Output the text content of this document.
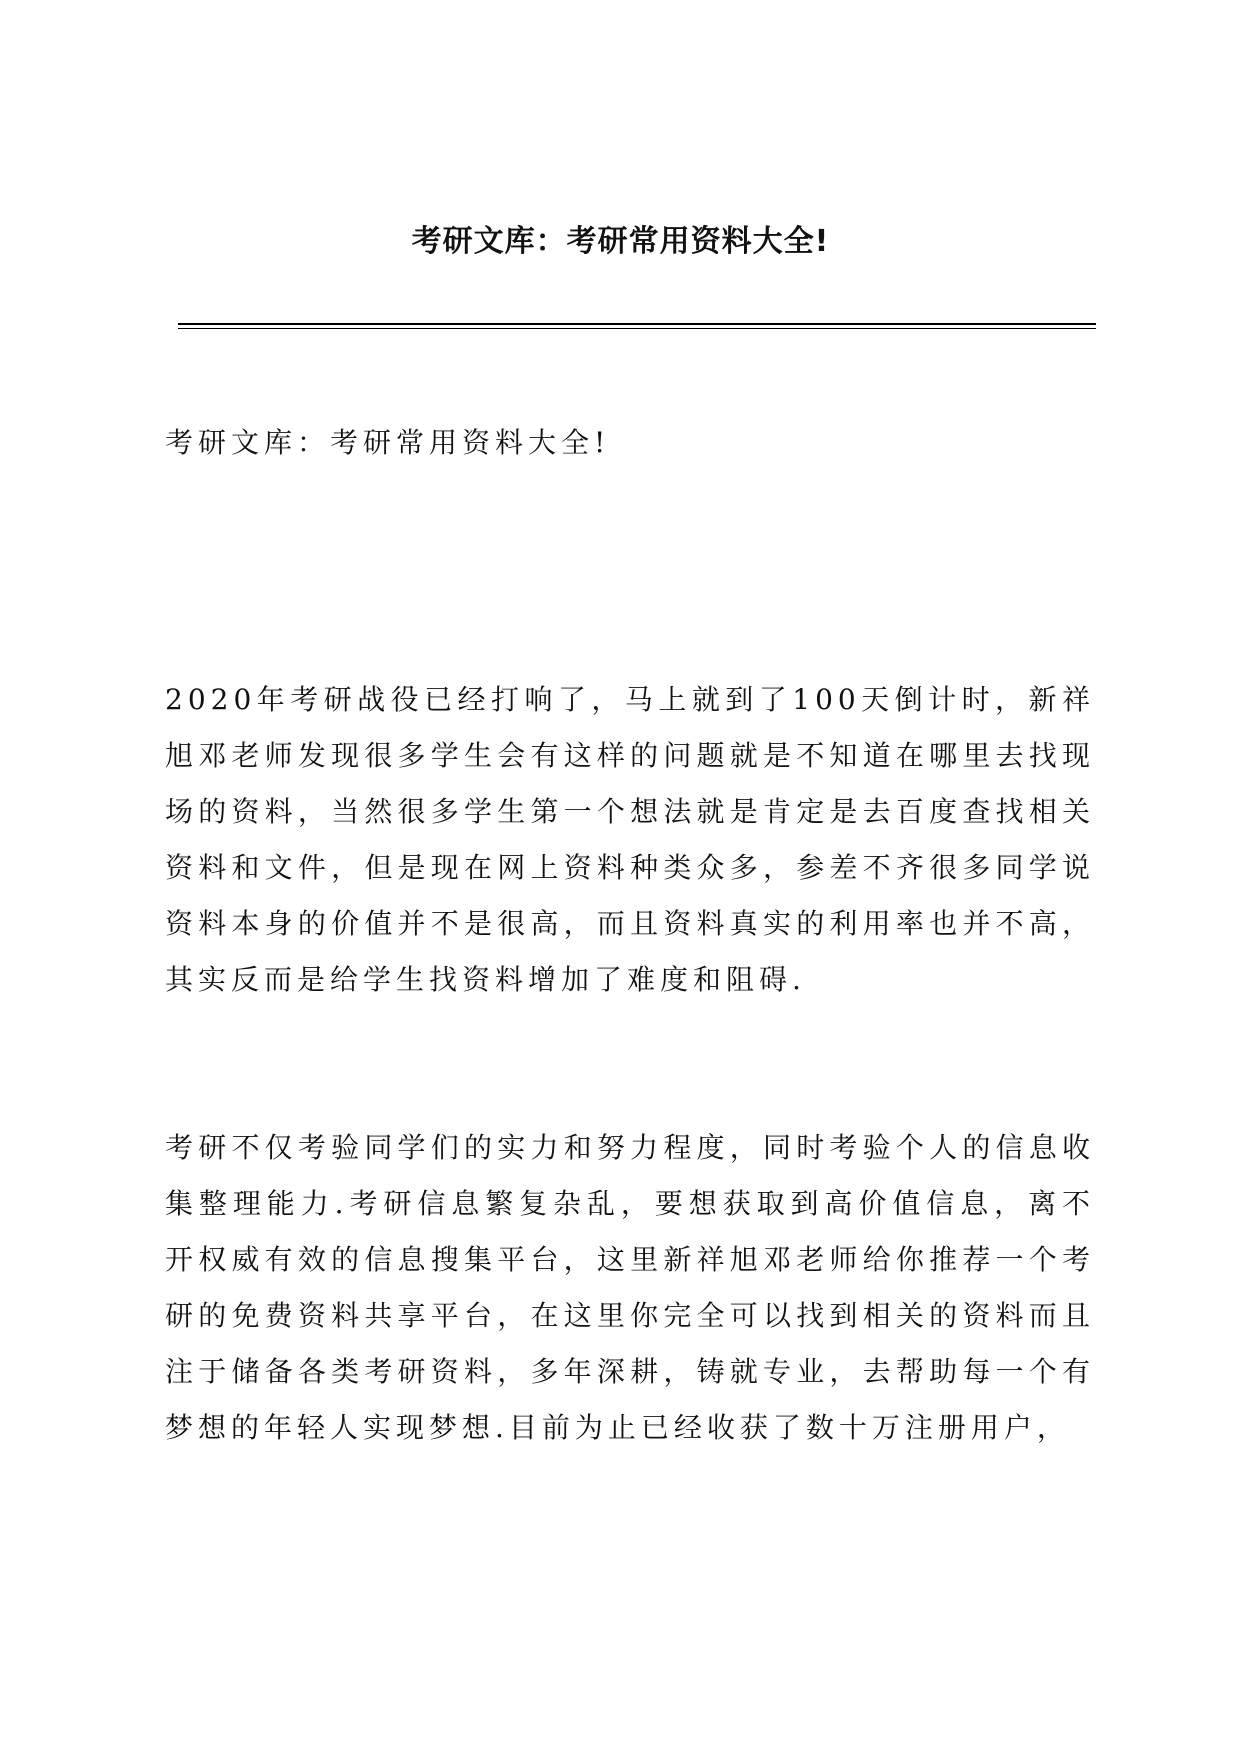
考研文库：考研常用资料大全!

考研文库：考研常用资料大全!

2020年考研战役已经打响了，马上就到了100天倒计时，新祥旭邓老师发现很多学生会有这样的问题就是不知道在哪里去找现场的资料，当然很多学生第一个想法就是肯定是去百度查找相关资料和文件，但是现在网上资料种类众多，参差不齐很多同学说资料本身的价值并不是很高，而且资料真实的利用率也并不高，其实反而是给学生找资料增加了难度和阻碍.

考研不仅考验同学们的实力和努力程度，同时考验个人的信息收集整理能力.考研信息繁复杂乱，要想获取到高价值信息，离不开权威有效的信息搜集平台，这里新祥旭邓老师给你推荐一个考研的免费资料共享平台，在这里你完全可以找到相关的资料而且注于储备各类考研资料，多年深耕，铸就专业，去帮助每一个有梦想的年轻人实现梦想.目前为止已经收获了数十万注册用户，
